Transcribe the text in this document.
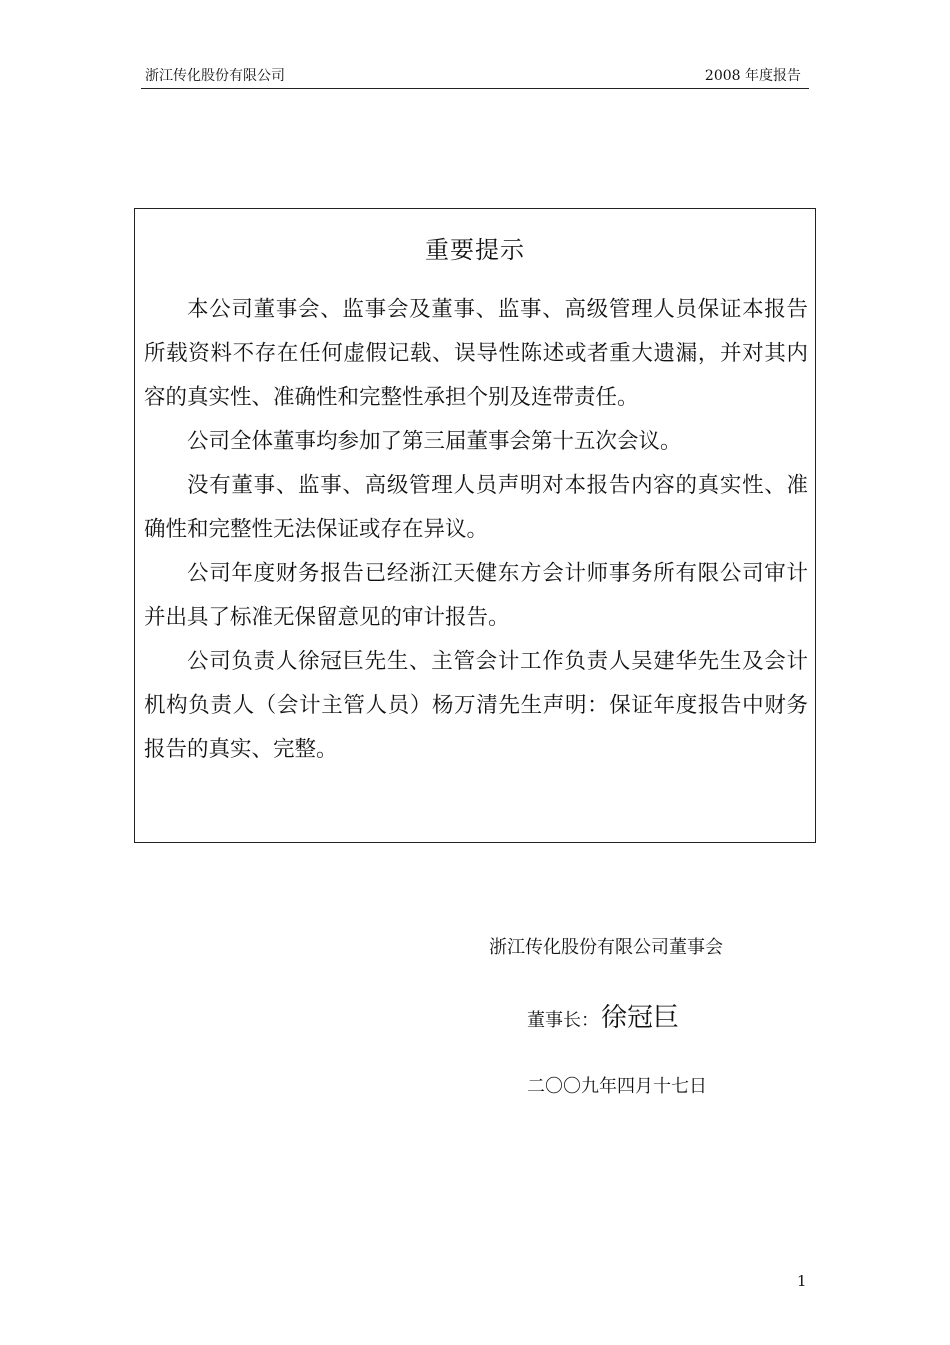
浙江传化股份有限公司	2008 年度报告
重要提示

本公司董事会、监事会及董事、监事、高级管理人员保证本报告所载资料不存在任何虚假记载、误导性陈述或者重大遗漏，并对其内容的真实性、准确性和完整性承担个别及连带责任。

公司全体董事均参加了第三届董事会第十五次会议。

没有董事、监事、高级管理人员声明对本报告内容的真实性、准确性和完整性无法保证或存在异议。

公司年度财务报告已经浙江天健东方会计师事务所有限公司审计并出具了标准无保留意见的审计报告。

公司负责人徐冠巨先生、主管会计工作负责人吴建华先生及会计机构负责人（会计主管人员）杨万清先生声明：保证年度报告中财务报告的真实、完整。

浙江传化股份有限公司董事会
董事长：徐冠巨
二〇〇九年四月十七日
1
